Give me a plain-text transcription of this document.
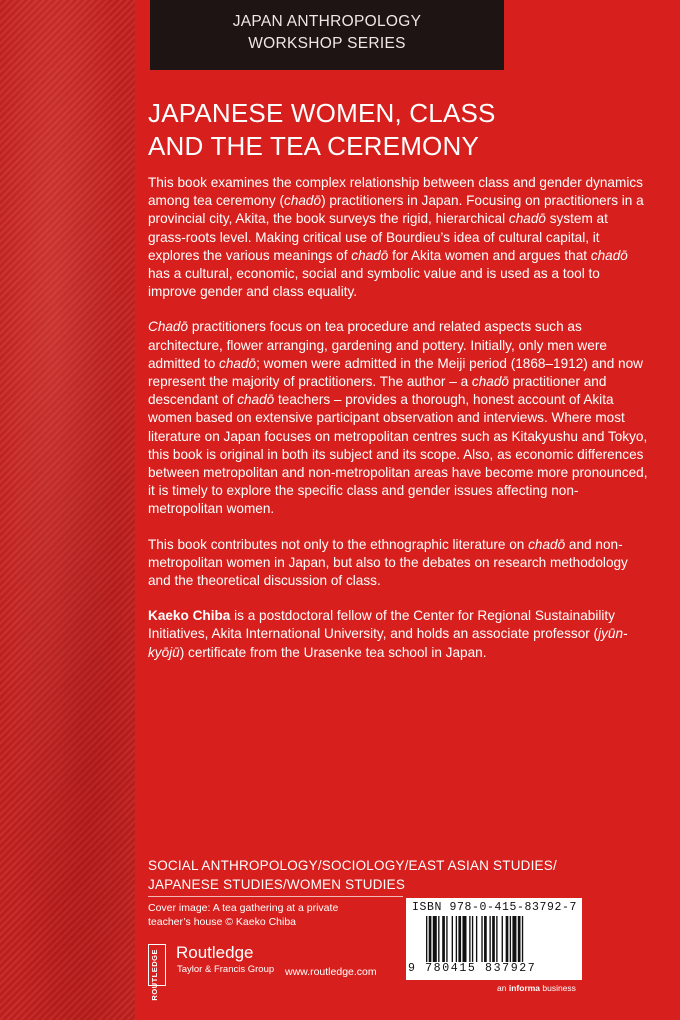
JAPAN ANTHROPOLOGY
WORKSHOP SERIES
JAPANESE WOMEN, CLASS
AND THE TEA CEREMONY

This book examines the complex relationship between class and gender dynamics among tea ceremony (chadō) practitioners in Japan. Focusing on practitioners in a provincial city, Akita, the book surveys the rigid, hierarchical chadō system at grass-roots level. Making critical use of Bourdieu’s idea of cultural capital, it explores the various meanings of chadō for Akita women and argues that chadō has a cultural, economic, social and symbolic value and is used as a tool to improve gender and class equality.

Chadō practitioners focus on tea procedure and related aspects such as architecture, flower arranging, gardening and pottery. Initially, only men were admitted to chadō; women were admitted in the Meiji period (1868–1912) and now represent the majority of practitioners. The author – a chadō practitioner and descendant of chadō teachers – provides a thorough, honest account of Akita women based on extensive participant observation and interviews. Where most literature on Japan focuses on metropolitan centres such as Kitakyushu and Tokyo, this book is original in both its subject and its scope. Also, as economic differences between metropolitan and non-metropolitan areas have become more pronounced, it is timely to explore the specific class and gender issues affecting non-metropolitan women.

This book contributes not only to the ethnographic literature on chadō and non-metropolitan women in Japan, but also to the debates on research methodology and the theoretical discussion of class.

Kaeko Chiba is a postdoctoral fellow of the Center for Regional Sustainability Initiatives, Akita International University, and holds an associate professor (jyūn-kyōjū) certificate from the Urasenke tea school in Japan.

SOCIAL ANTHROPOLOGY/SOCIOLOGY/EAST ASIAN STUDIES/
JAPANESE STUDIES/WOMEN STUDIES
Cover image: A tea gathering at a private
teacher’s house © Kaeko Chiba
ROUTLEDGE Routledge
Taylor & Francis Group www.routledge.com
ISBN 978-0-415-83792-7
9 780415 837927
an informa business
